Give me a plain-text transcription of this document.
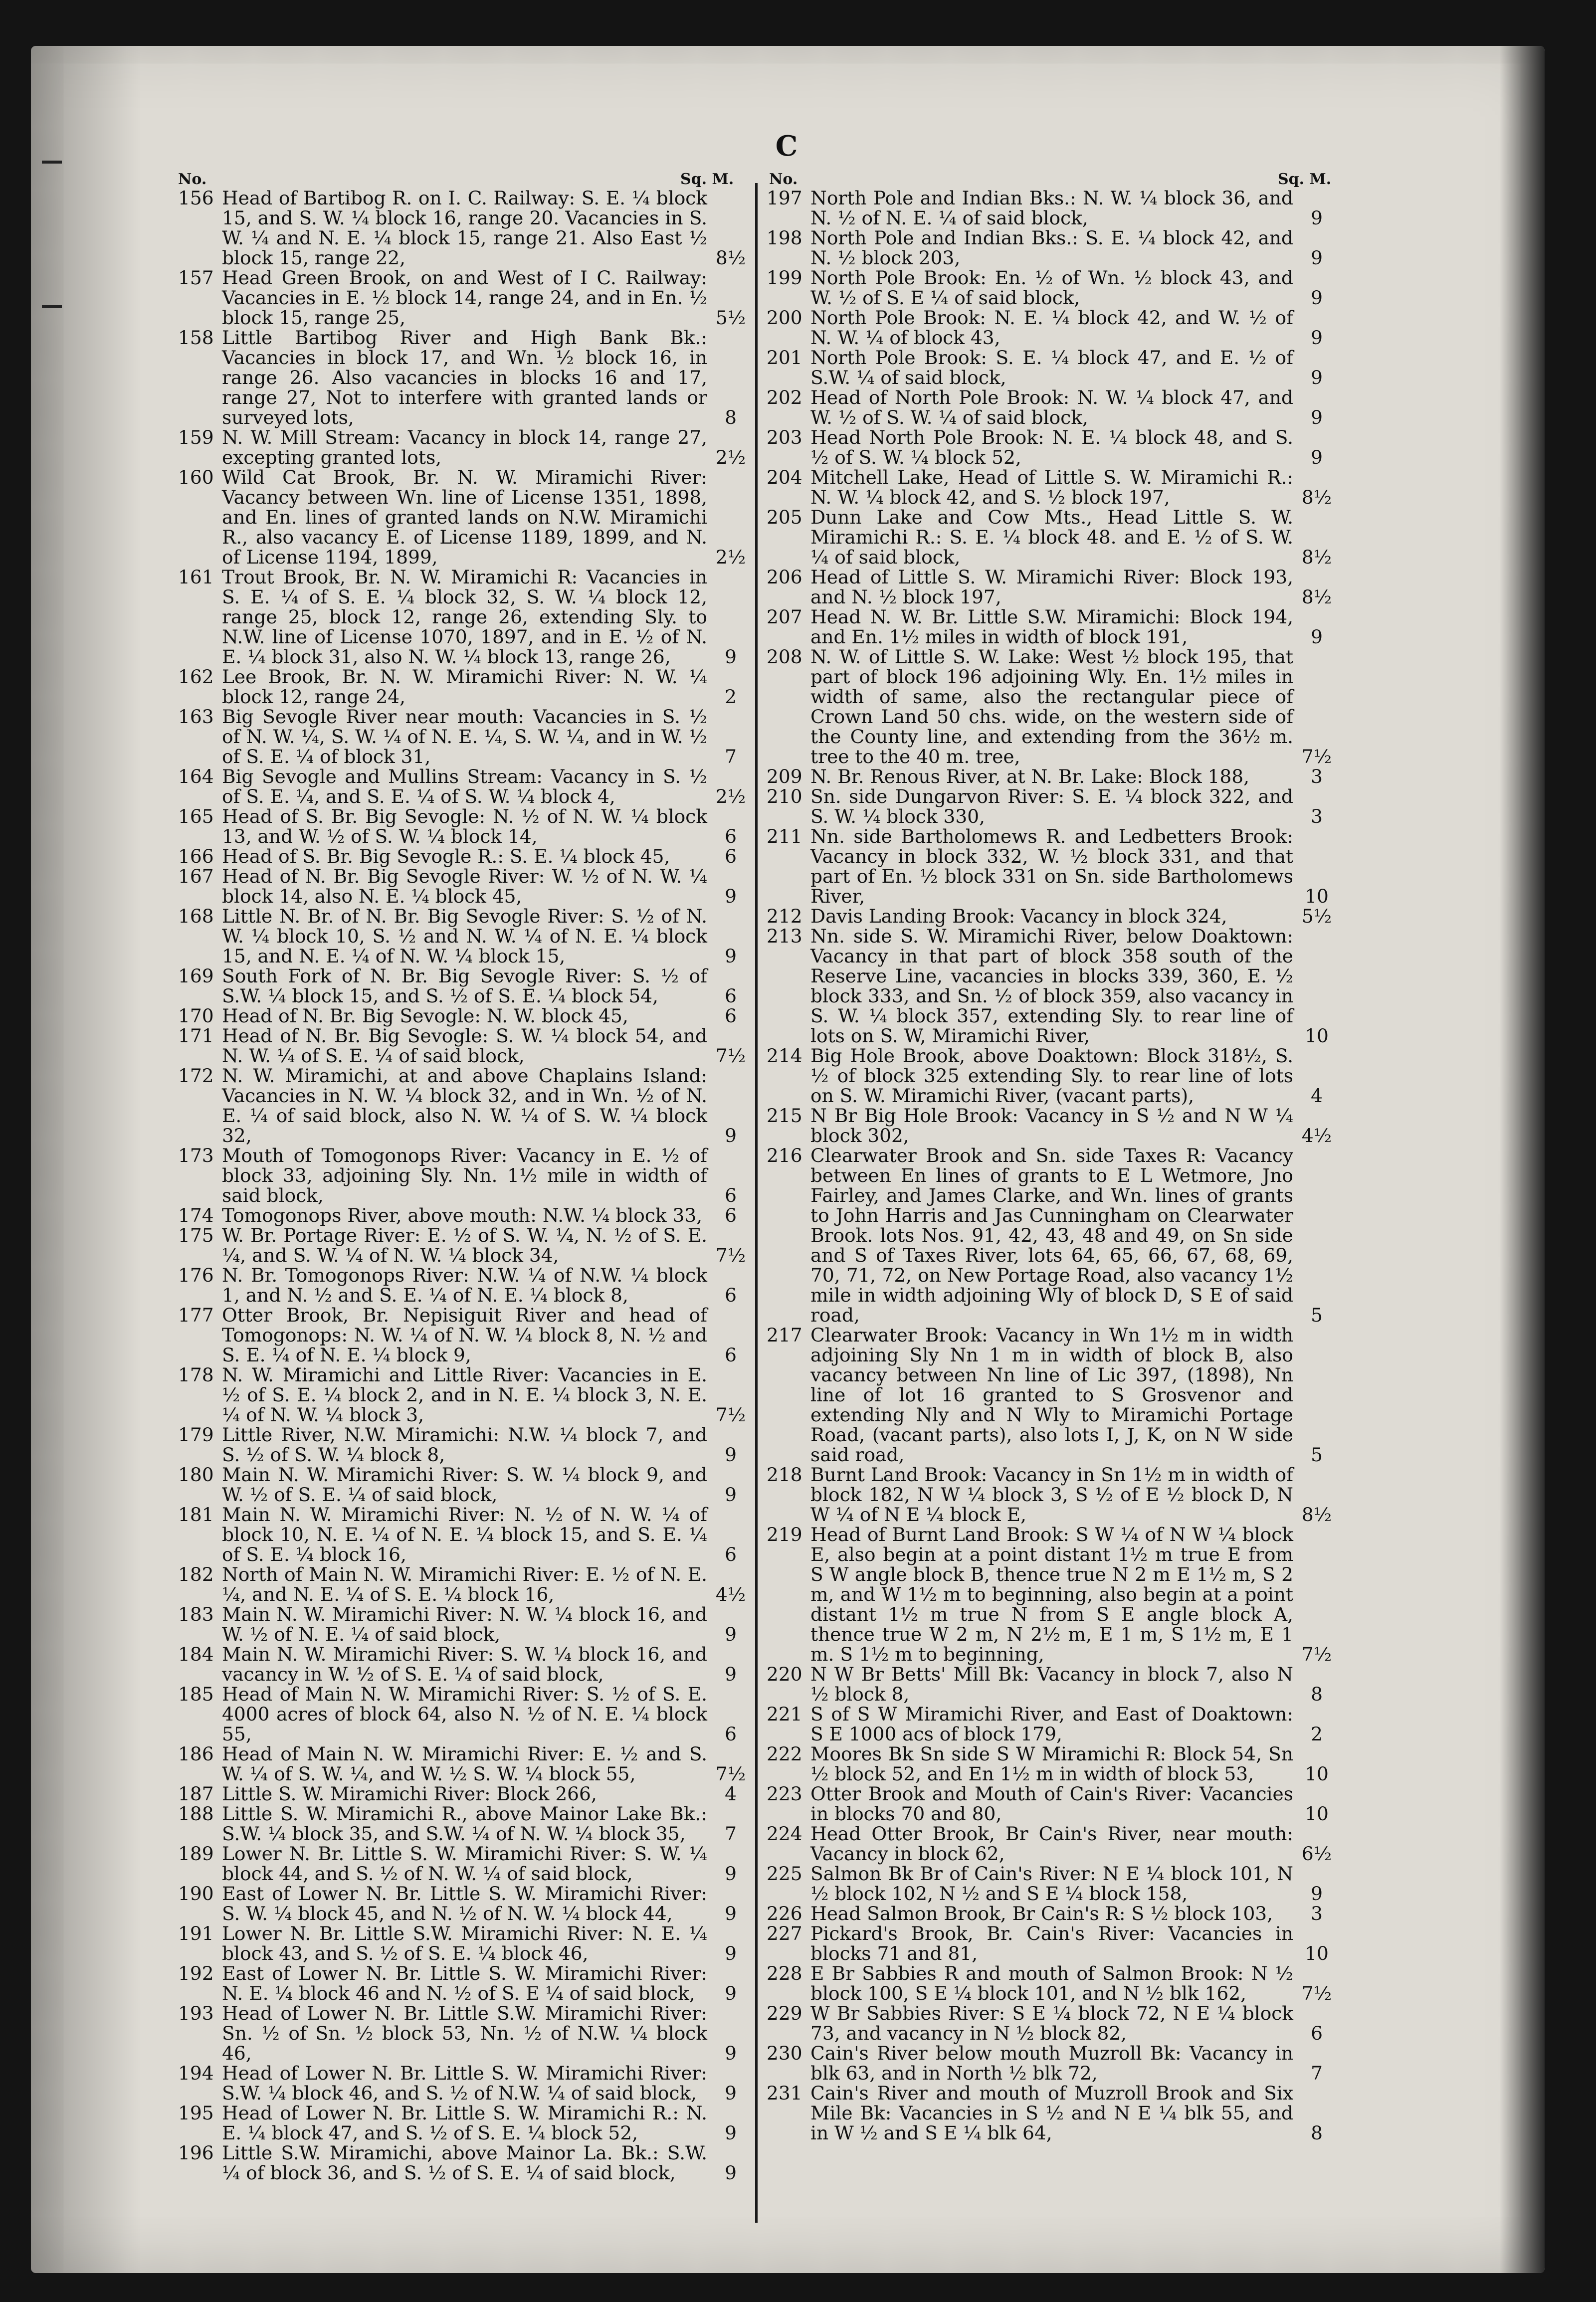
C
No.	Sq. M. No.	Sq. M.
156 Head of Bartibog R. on I. C. Railway: S. E. ¼ block 15, and S. W. ¼ block 16, range 20. Vacancies in S. W. ¼ and N. E. ¼ block 15, range 21. Also East ½ block 15, range 22,	8½
157 Head Green Brook, on and West of I C. Railway: Vacancies in E. ½ block 14, range 24, and in En. ½ block 15, range 25,	5½
158 Little Bartibog River and High Bank Bk.: Vacancies in block 17, and Wn. ½ block 16, in range 26. Also vacancies in blocks 16 and 17, range 27, Not to interfere with granted lands or surveyed lots,	8
159 N. W. Mill Stream: Vacancy in block 14, range 27, excepting granted lots,	2½
160 Wild Cat Brook, Br. N. W. Miramichi River: Vacancy between Wn. line of License 1351, 1898, and En. lines of granted lands on N.W. Miramichi R., also vacancy E. of License 1189, 1899, and N. of License 1194, 1899,	2½
161 Trout Brook, Br. N. W. Miramichi R: Vacancies in S. E. ¼ of S. E. ¼ block 32, S. W. ¼ block 12, range 25, block 12, range 26, extending Sly. to N.W. line of License 1070, 1897, and in E. ½ of N. E. ¼ block 31, also N. W. ¼ block 13, range 26,	9
162 Lee Brook, Br. N. W. Miramichi River: N. W. ¼ block 12, range 24,	2
163 Big Sevogle River near mouth: Vacancies in S. ½ of N. W. ¼, S. W. ¼ of N. E. ¼, S. W. ¼, and in W. ½ of S. E. ¼ of block 31,	7
164 Big Sevogle and Mullins Stream: Vacancy in S. ½ of S. E. ¼, and S. E. ¼ of S. W. ¼ block 4,	2½
165 Head of S. Br. Big Sevogle: N. ½ of N. W. ¼ block 13, and W. ½ of S. W. ¼ block 14,	6
166 Head of S. Br. Big Sevogle R.: S. E. ¼ block 45,	6
167 Head of N. Br. Big Sevogle River: W. ½ of N. W. ¼ block 14, also N. E. ¼ block 45,	9
168 Little N. Br. of N. Br. Big Sevogle River: S. ½ of N. W. ¼ block 10, S. ½ and N. W. ¼ of N. E. ¼ block 15, and N. E. ¼ of N. W. ¼ block 15,	9
169 South Fork of N. Br. Big Sevogle River: S. ½ of S.W. ¼ block 15, and S. ½ of S. E. ¼ block 54,	6
170 Head of N. Br. Big Sevogle: N. W. block 45,	6
171 Head of N. Br. Big Sevogle: S. W. ¼ block 54, and N. W. ¼ of S. E. ¼ of said block,	7½
172 N. W. Miramichi, at and above Chaplains Island: Vacancies in N. W. ¼ block 32, and in Wn. ½ of N. E. ¼ of said block, also N. W. ¼ of S. W. ¼ block 32,	9
173 Mouth of Tomogonops River: Vacancy in E. ½ of block 33, adjoining Sly. Nn. 1½ mile in width of said block,	6
174 Tomogonops River, above mouth: N.W. ¼ block 33,	6
175 W. Br. Portage River: E. ½ of S. W. ¼, N. ½ of S. E. ¼, and S. W. ¼ of N. W. ¼ block 34,	7½
176 N. Br. Tomogonops River: N.W. ¼ of N.W. ¼ block 1, and N. ½ and S. E. ¼ of N. E. ¼ block 8,	6
177 Otter Brook, Br. Nepisiguit River and head of Tomogonops: N. W. ¼ of N. W. ¼ block 8, N. ½ and S. E. ¼ of N. E. ¼ block 9,	6
178 N. W. Miramichi and Little River: Vacancies in E. ½ of S. E. ¼ block 2, and in N. E. ¼ block 3, N. E. ¼ of N. W. ¼ block 3,	7½
179 Little River, N.W. Miramichi: N.W. ¼ block 7, and S. ½ of S. W. ¼ block 8,	9
180 Main N. W. Miramichi River: S. W. ¼ block 9, and W. ½ of S. E. ¼ of said block,	9
181 Main N. W. Miramichi River: N. ½ of N. W. ¼ of block 10, N. E. ¼ of N. E. ¼ block 15, and S. E. ¼ of S. E. ¼ block 16,	6
182 North of Main N. W. Miramichi River: E. ½ of N. E. ¼, and N. E. ¼ of S. E. ¼ block 16,	4½
183 Main N. W. Miramichi River: N. W. ¼ block 16, and W. ½ of N. E. ¼ of said block,	9
184 Main N. W. Miramichi River: S. W. ¼ block 16, and vacancy in W. ½ of S. E. ¼ of said block,	9
185 Head of Main N. W. Miramichi River: S. ½ of S. E. 4000 acres of block 64, also N. ½ of N. E. ¼ block 55,	6
186 Head of Main N. W. Miramichi River: E. ½ and S. W. ¼ of S. W. ¼, and W. ½ S. W. ¼ block 55,	7½
187 Little S. W. Miramichi River: Block 266,	4
188 Little S. W. Miramichi R., above Mainor Lake Bk.: S.W. ¼ block 35, and S.W. ¼ of N. W. ¼ block 35,	7
189 Lower N. Br. Little S. W. Miramichi River: S. W. ¼ block 44, and S. ½ of N. W. ¼ of said block,	9
190 East of Lower N. Br. Little S. W. Miramichi River: S. W. ¼ block 45, and N. ½ of N. W. ¼ block 44,	9
191 Lower N. Br. Little S.W. Miramichi River: N. E. ¼ block 43, and S. ½ of S. E. ¼ block 46,	9
192 East of Lower N. Br. Little S. W. Miramichi River: N. E. ¼ block 46 and N. ½ of S. E ¼ of said block,	9
193 Head of Lower N. Br. Little S.W. Miramichi River: Sn. ½ of Sn. ½ block 53, Nn. ½ of N.W. ¼ block 46,	9
194 Head of Lower N. Br. Little S. W. Miramichi River: S.W. ¼ block 46, and S. ½ of N.W. ¼ of said block,	9
195 Head of Lower N. Br. Little S. W. Miramichi R.: N. E. ¼ block 47, and S. ½ of S. E. ¼ block 52,	9
196 Little S.W. Miramichi, above Mainor La. Bk.: S.W. ¼ of block 36, and S. ½ of S. E. ¼ of said block,	9
197 North Pole and Indian Bks.: N. W. ¼ block 36, and N. ½ of N. E. ¼ of said block,	9
198 North Pole and Indian Bks.: S. E. ¼ block 42, and N. ½ block 203,	9
199 North Pole Brook: En. ½ of Wn. ½ block 43, and W. ½ of S. E ¼ of said block,	9
200 North Pole Brook: N. E. ¼ block 42, and W. ½ of N. W. ¼ of block 43,	9
201 North Pole Brook: S. E. ¼ block 47, and E. ½ of S.W. ¼ of said block,	9
202 Head of North Pole Brook: N. W. ¼ block 47, and W. ½ of S. W. ¼ of said block,	9
203 Head North Pole Brook: N. E. ¼ block 48, and S. ½ of S. W. ¼ block 52,	9
204 Mitchell Lake, Head of Little S. W. Miramichi R.: N. W. ¼ block 42, and S. ½ block 197,	8½
205 Dunn Lake and Cow Mts., Head Little S. W. Miramichi R.: S. E. ¼ block 48. and E. ½ of S. W. ¼ of said block,	8½
206 Head of Little S. W. Miramichi River: Block 193, and N. ½ block 197,	8½
207 Head N. W. Br. Little S.W. Miramichi: Block 194, and En. 1½ miles in width of block 191,	9
208 N. W. of Little S. W. Lake: West ½ block 195, that part of block 196 adjoining Wly. En. 1½ miles in width of same, also the rectangular piece of Crown Land 50 chs. wide, on the western side of the County line, and extending from the 36½ m. tree to the 40 m. tree,	7½
209 N. Br. Renous River, at N. Br. Lake: Block 188,	3
210 Sn. side Dungarvon River: S. E. ¼ block 322, and S. W. ¼ block 330,	3
211 Nn. side Bartholomews R. and Ledbetters Brook: Vacancy in block 332, W. ½ block 331, and that part of En. ½ block 331 on Sn. side Bartholomews River,	10
212 Davis Landing Brook: Vacancy in block 324,	5½
213 Nn. side S. W. Miramichi River, below Doaktown: Vacancy in that part of block 358 south of the Reserve Line, vacancies in blocks 339, 360, E. ½ block 333, and Sn. ½ of block 359, also vacancy in S. W. ¼ block 357, extending Sly. to rear line of lots on S. W, Miramichi River,	10
214 Big Hole Brook, above Doaktown: Block 318½, S. ½ of block 325 extending Sly. to rear line of lots on S. W. Miramichi River, (vacant parts),	4
215 N Br Big Hole Brook: Vacancy in S ½ and N W ¼ block 302,	4½
216 Clearwater Brook and Sn. side Taxes R: Vacancy between En lines of grants to E L Wetmore, Jno Fairley, and James Clarke, and Wn. lines of grants to John Harris and Jas Cunningham on Clearwater Brook. lots Nos. 91, 42, 43, 48 and 49, on Sn side and S of Taxes River, lots 64, 65, 66, 67, 68, 69, 70, 71, 72, on New Portage Road, also vacancy 1½ mile in width adjoining Wly of block D, S E of said road,	5
217 Clearwater Brook: Vacancy in Wn 1½ m in width adjoining Sly Nn 1 m in width of block B, also vacancy between Nn line of Lic 397, (1898), Nn line of lot 16 granted to S Grosvenor and extending Nly and N Wly to Miramichi Portage Road, (vacant parts), also lots I, J, K, on N W side said road,	5
218 Burnt Land Brook: Vacancy in Sn 1½ m in width of block 182, N W ¼ block 3, S ½ of E ½ block D, N W ¼ of N E ¼ block E,	8½
219 Head of Burnt Land Brook: S W ¼ of N W ¼ block E, also begin at a point distant 1½ m true E from S W angle block B, thence true N 2 m E 1½ m, S 2 m, and W 1½ m to beginning, also begin at a point distant 1½ m true N from S E angle block A, thence true W 2 m, N 2½ m, E 1 m, S 1½ m, E 1 m. S 1½ m to beginning,	7½
220 N W Br Betts' Mill Bk: Vacancy in block 7, also N ½ block 8,	8
221 S of S W Miramichi River, and East of Doaktown: S E 1000 acs of block 179,	2
222 Moores Bk Sn side S W Miramichi R: Block 54, Sn ½ block 52, and En 1½ m in width of block 53,	10
223 Otter Brook and Mouth of Cain's River: Vacancies in blocks 70 and 80,	10
224 Head Otter Brook, Br Cain's River, near mouth: Vacancy in block 62,	6½
225 Salmon Bk Br of Cain's River: N E ¼ block 101, N ½ block 102, N ½ and S E ¼ block 158,	9
226 Head Salmon Brook, Br Cain's R: S ½ block 103,	3
227 Pickard's Brook, Br. Cain's River: Vacancies in blocks 71 and 81,	10
228 E Br Sabbies R and mouth of Salmon Brook: N ½ block 100, S E ¼ block 101, and N ½ blk 162,	7½
229 W Br Sabbies River: S E ¼ block 72, N E ¼ block 73, and vacancy in N ½ block 82,	6
230 Cain's River below mouth Muzroll Bk: Vacancy in blk 63, and in North ½ blk 72,	7
231 Cain's River and mouth of Muzroll Brook and Six Mile Bk: Vacancies in S ½ and N E ¼ blk 55, and in W ½ and S E ¼ blk 64,	8
